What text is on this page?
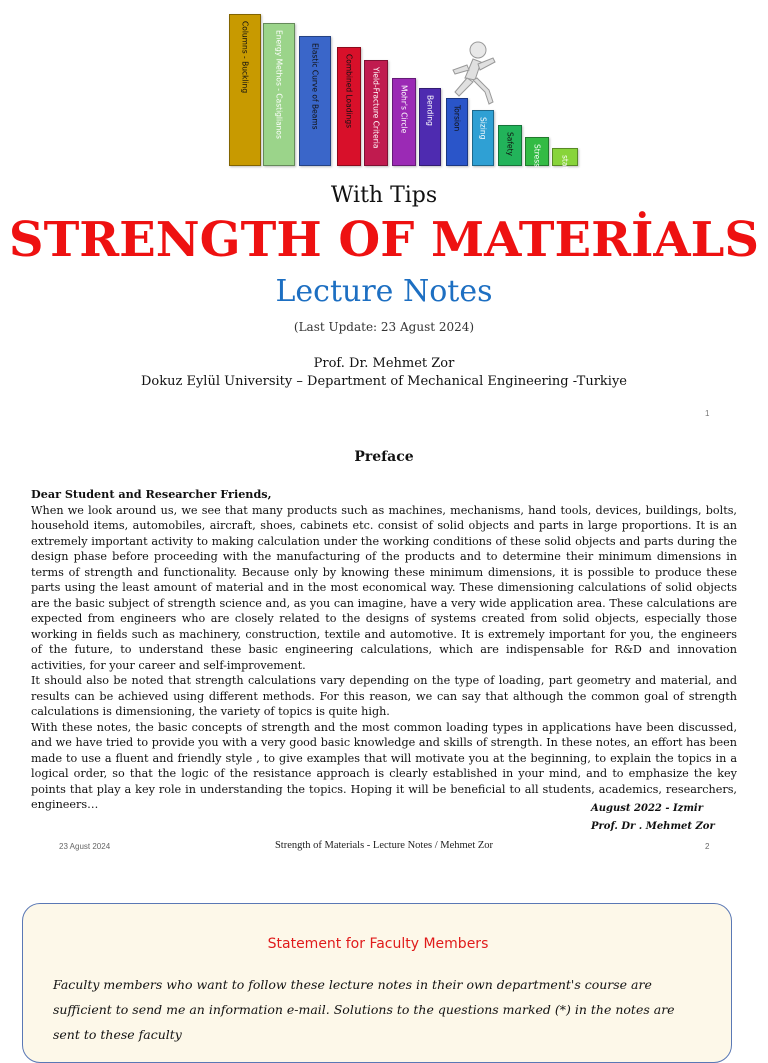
Columns - Buckling	Energy Methos - Castiglianos	Elastic Curve of Beams	Combined Loadings Yield-Fracture Criteria	Mohr's Circle Bending Torsion Sizing
Safety Stress	statics
With Tips
STRENGTH OF MATERİALS
Lecture Notes
(Last Update: 23 Agust 2024)
Prof. Dr. Mehmet Zor
Dokuz Eylül University – Department of Mechanical Engineering -Turkiye
1
Preface

Dear Student and Researcher Friends,

When we look around us, we see that many products such as machines, mechanisms, hand tools, devices, buildings, bolts, household items, automobiles, aircraft, shoes, cabinets etc. consist of solid objects and parts in large proportions. It is an extremely important activity to making calculation under the working conditions of these solid objects and parts during the design phase before proceeding with the manufacturing of the products and to determine their minimum dimensions in terms of strength and functionality. Because only by knowing these minimum dimensions, it is possible to produce these parts using the least amount of material and in the most economical way. These dimensioning calculations of solid objects are the basic subject of strength science and, as you can imagine, have a very wide application area. These calculations are expected from engineers who are closely related to the designs of systems created from solid objects, especially those working in fields such as machinery, construction, textile and automotive. It is extremely important for you, the engineers of the future, to understand these basic engineering calculations, which are indispensable for R&D and innovation activities, for your career and self-improvement.

It should also be noted that strength calculations vary depending on the type of loading, part geometry and material, and results can be achieved using different methods. For this reason, we can say that although the common goal of strength calculations is dimensioning, the variety of topics is quite high.

With these notes, the basic concepts of strength and the most common loading types in applications have been discussed, and we have tried to provide you with a very good basic knowledge and skills of strength. In these notes, an effort has been made to use a fluent and friendly style , to give examples that will motivate you at the beginning, to explain the topics in a logical order, so that the logic of the resistance approach is clearly established in your mind, and to emphasize the key points that play a key role in understanding the topics. Hoping it will be beneficial to all students, academics, researchers, engineers…	August 2022 - Izmir
Prof. Dr . Mehmet Zor
23 Agust 2024	Strength of Materials - Lecture Notes / Mehmet Zor	2
Statement for Faculty Members
Faculty members who want to follow these lecture notes in their own department's course are sufficient to send me an information e-mail. Solutions to the questions marked (*) in the notes are sent to these faculty
